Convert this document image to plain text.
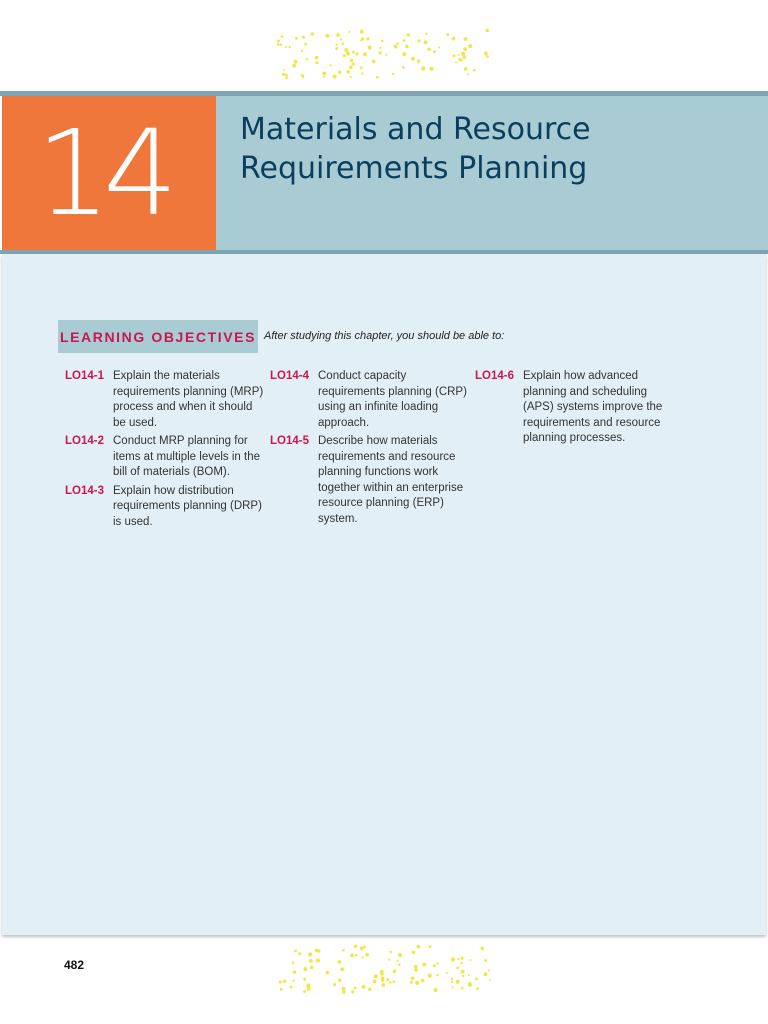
14	Materials and Resource
Requirements Planning
LEARNING OBJECTIVES After studying this chapter, you should be able to:
LO14-1 Explain the materials requirements planning (MRP) process and when it should be used.
LO14-2 Conduct MRP planning for items at multiple levels in the bill of materials (BOM).
LO14-3 Explain how distribution requirements planning (DRP) is used.
LO14-4 Conduct capacity requirements planning (CRP) using an infinite loading approach.
LO14-5 Describe how materials requirements and resource planning functions work together within an enterprise resource planning (ERP) system.
LO14-6 Explain how advanced planning and scheduling (APS) systems improve the requirements and resource planning processes.
482
